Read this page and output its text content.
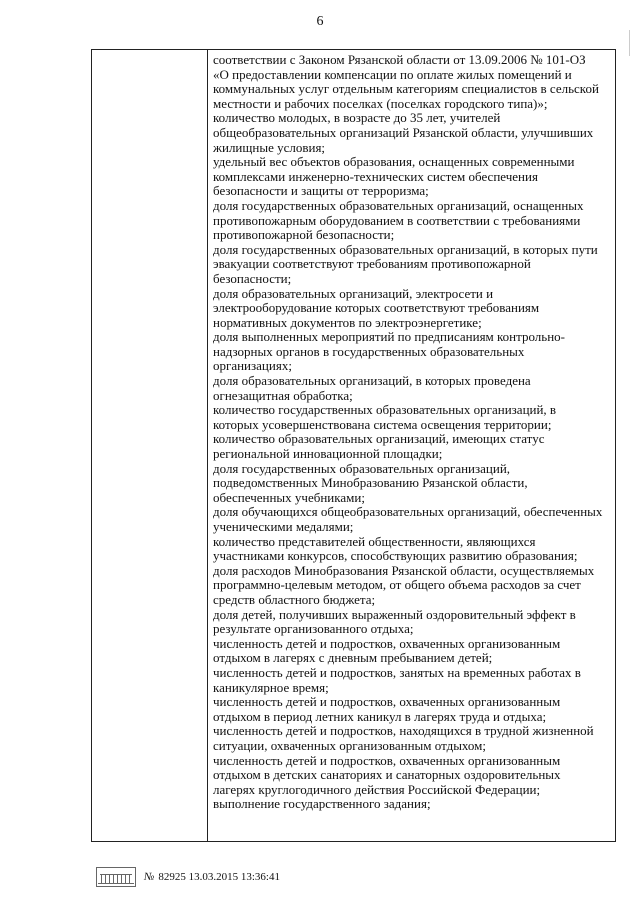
6
соответствии с Законом Рязанской области от 13.09.2006 № 101-ОЗ
«О предоставлении компенсации по оплате жилых помещений и
коммунальных услуг отдельным категориям специалистов в сельской
местности и рабочих поселках (поселках городского типа)»;
количество молодых, в возрасте до 35 лет, учителей
общеобразовательных организаций Рязанской области, улучшивших
жилищные условия;
удельный вес объектов образования, оснащенных современными
комплексами инженерно-технических систем обеспечения
безопасности и защиты от терроризма;
доля государственных образовательных организаций, оснащенных
противопожарным оборудованием в соответствии с требованиями
противопожарной безопасности;
доля государственных образовательных организаций, в которых пути
эвакуации соответствуют требованиям противопожарной
безопасности;
доля образовательных организаций, электросети и
электрооборудование которых соответствуют требованиям
нормативных документов по электроэнергетике;
доля выполненных мероприятий по предписаниям контрольно-
надзорных органов в государственных образовательных
организациях;
доля образовательных организаций, в которых проведена
огнезащитная обработка;
количество государственных образовательных организаций, в
которых усовершенствована система освещения территории;
количество образовательных организаций, имеющих статус
региональной инновационной площадки;
доля государственных образовательных организаций,
подведомственных Минобразованию Рязанской области,
обеспеченных учебниками;
доля обучающихся общеобразовательных организаций, обеспеченных
ученическими медалями;
количество представителей общественности, являющихся
участниками конкурсов, способствующих развитию образования;
доля расходов Минобразования Рязанской области, осуществляемых
программно-целевым методом, от общего объема расходов за счет
средств областного бюджета;
доля детей, получивших выраженный оздоровительный эффект в
результате организованного отдыха;
численность детей и подростков, охваченных организованным
отдыхом в лагерях с дневным пребыванием детей;
численность детей и подростков, занятых на временных работах в
каникулярное время;
численность детей и подростков, охваченных организованным
отдыхом в период летних каникул в лагерях труда и отдыха;
численность детей и подростков, находящихся в трудной жизненной
ситуации, охваченных организованным отдыхом;
численность детей и подростков, охваченных организованным
отдыхом в детских санаториях и санаторных оздоровительных
лагерях круглогодичного действия Российской Федерации;
выполнение государственного задания;
№ 82925 13.03.2015 13:36:41
